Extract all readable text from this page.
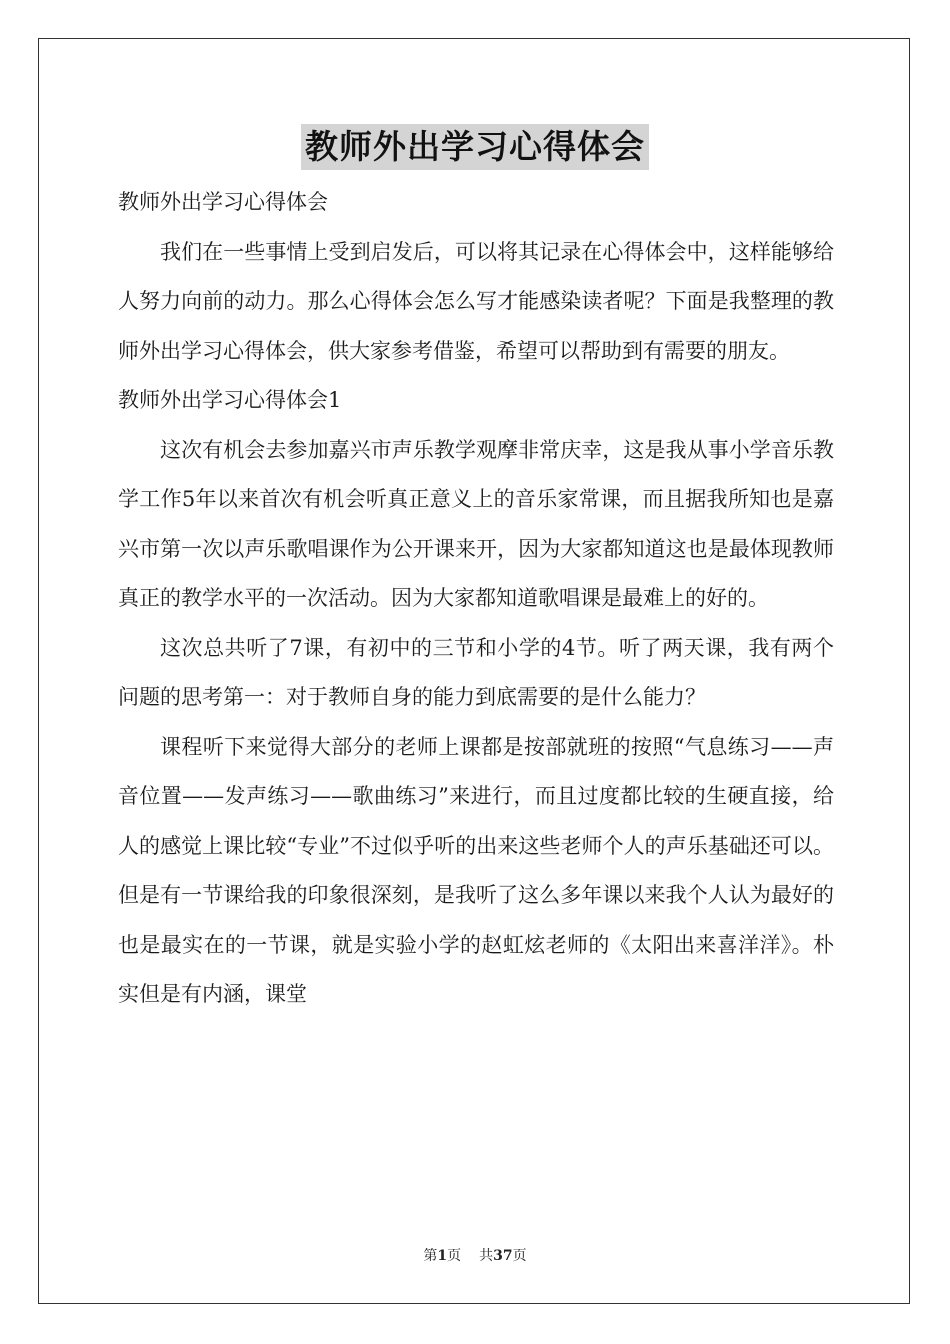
教师外出学习心得体会

教师外出学习心得体会

我们在一些事情上受到启发后，可以将其记录在心得体会中，这样能够给人努力向前的动力。那么心得体会怎么写才能感染读者呢？下面是我整理的教师外出学习心得体会，供大家参考借鉴，希望可以帮助到有需要的朋友。

教师外出学习心得体会1

这次有机会去参加嘉兴市声乐教学观摩非常庆幸，这是我从事小学音乐教学工作5年以来首次有机会听真正意义上的音乐家常课，而且据我所知也是嘉兴市第一次以声乐歌唱课作为公开课来开，因为大家都知道这也是最体现教师真正的教学水平的一次活动。因为大家都知道歌唱课是最难上的好的。

这次总共听了7课，有初中的三节和小学的4节。听了两天课，我有两个问题的思考第一：对于教师自身的能力到底需要的是什么能力？

课程听下来觉得大部分的老师上课都是按部就班的按照“气息练习——声音位置——发声练习——歌曲练习”来进行，而且过度都比较的生硬直接，给人的感觉上课比较“专业”不过似乎听的出来这些老师个人的声乐基础还可以。但是有一节课给我的印象很深刻，是我听了这么多年课以来我个人认为最好的也是最实在的一节课，就是实验小学的赵虹炫老师的《太阳出来喜洋洋》。朴实但是有内涵，课堂

第1页 共37页
